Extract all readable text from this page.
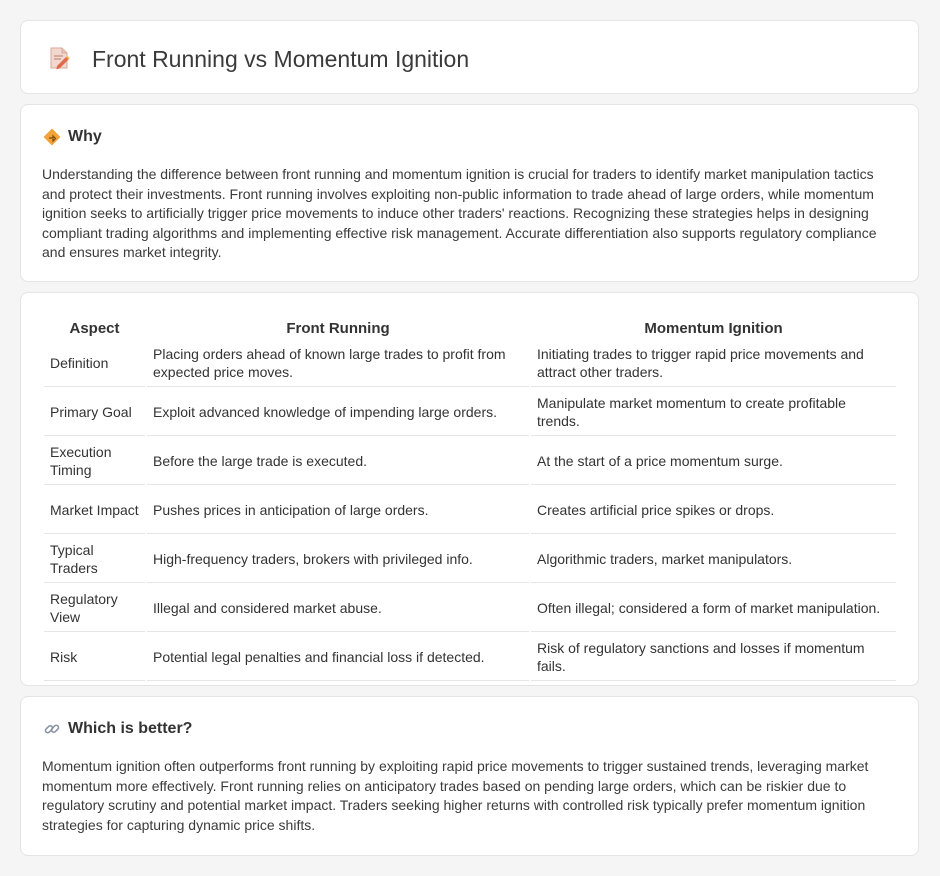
Front Running vs Momentum Ignition
Why

Understanding the difference between front running and momentum ignition is crucial for traders to identify market manipulation tactics and protect their investments. Front running involves exploiting non-public information to trade ahead of large orders, while momentum ignition seeks to artificially trigger price movements to induce other traders' reactions. Recognizing these strategies helps in designing compliant trading algorithms and implementing effective risk management. Accurate differentiation also supports regulatory compliance and ensures market integrity.

Aspect	Front Running	Momentum Ignition
Definition	Placing orders ahead of known large trades to profit from expected price moves.	Initiating trades to trigger rapid price movements and attract other traders.
Primary Goal	Exploit advanced knowledge of impending large orders.	Manipulate market momentum to create profitable trends.
Execution Timing	Before the large trade is executed.	At the start of a price momentum surge.
Market Impact	Pushes prices in anticipation of large orders.	Creates artificial price spikes or drops.
Typical Traders	High-frequency traders, brokers with privileged info.	Algorithmic traders, market manipulators.
Regulatory View	Illegal and considered market abuse.	Often illegal; considered a form of market manipulation.
Risk	Potential legal penalties and financial loss if detected.	Risk of regulatory sanctions and losses if momentum fails.
Which is better?

Momentum ignition often outperforms front running by exploiting rapid price movements to trigger sustained trends, leveraging market momentum more effectively. Front running relies on anticipatory trades based on pending large orders, which can be riskier due to regulatory scrutiny and potential market impact. Traders seeking higher returns with controlled risk typically prefer momentum ignition strategies for capturing dynamic price shifts.
